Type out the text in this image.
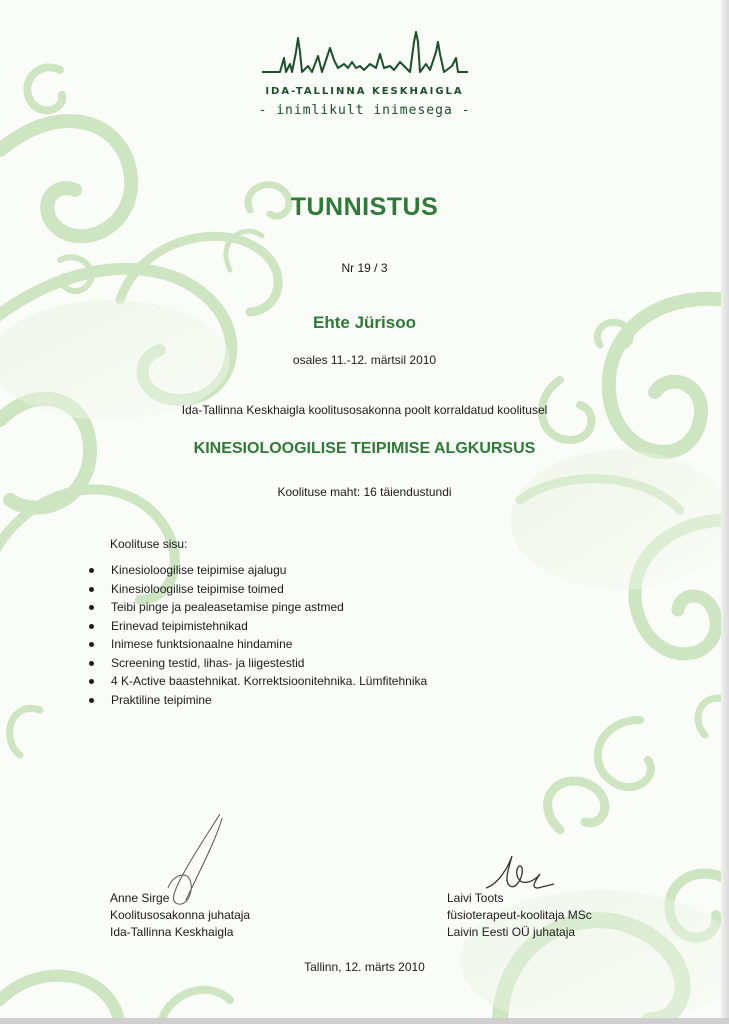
IDA-TALLINNA KESKHAIGLA
- inimlikult inimesega -
TUNNISTUS
Nr 19 / 3
Ehte Jürisoo
osales 11.-12. märtsil 2010
Ida-Tallinna Keskhaigla koolitusosakonna poolt korraldatud koolitusel
KINESIOLOOGILISE TEIPIMISE ALGKURSUS
Koolituse maht: 16 täiendustundi
Koolituse sisu:
Kinesioloogilise teipimise ajalugu
Kinesioloogilise teipimise toimed
Teibi pinge ja pealeasetamise pinge astmed
Erinevad teipimistehnikad
Inimese funktsionaalne hindamine
Screening testid, lihas- ja liigestestid
4 K-Active baastehnikat. Korrektsioonitehnika. Lümfitehnika
Praktiline teipimine
Anne Sirge
Koolitusosakonna juhataja
Ida-Tallinna Keskhaigla
Laivi Toots
füsioterapeut-koolitaja MSc
Laivin Eesti OÜ juhataja
Tallinn, 12. märts 2010
